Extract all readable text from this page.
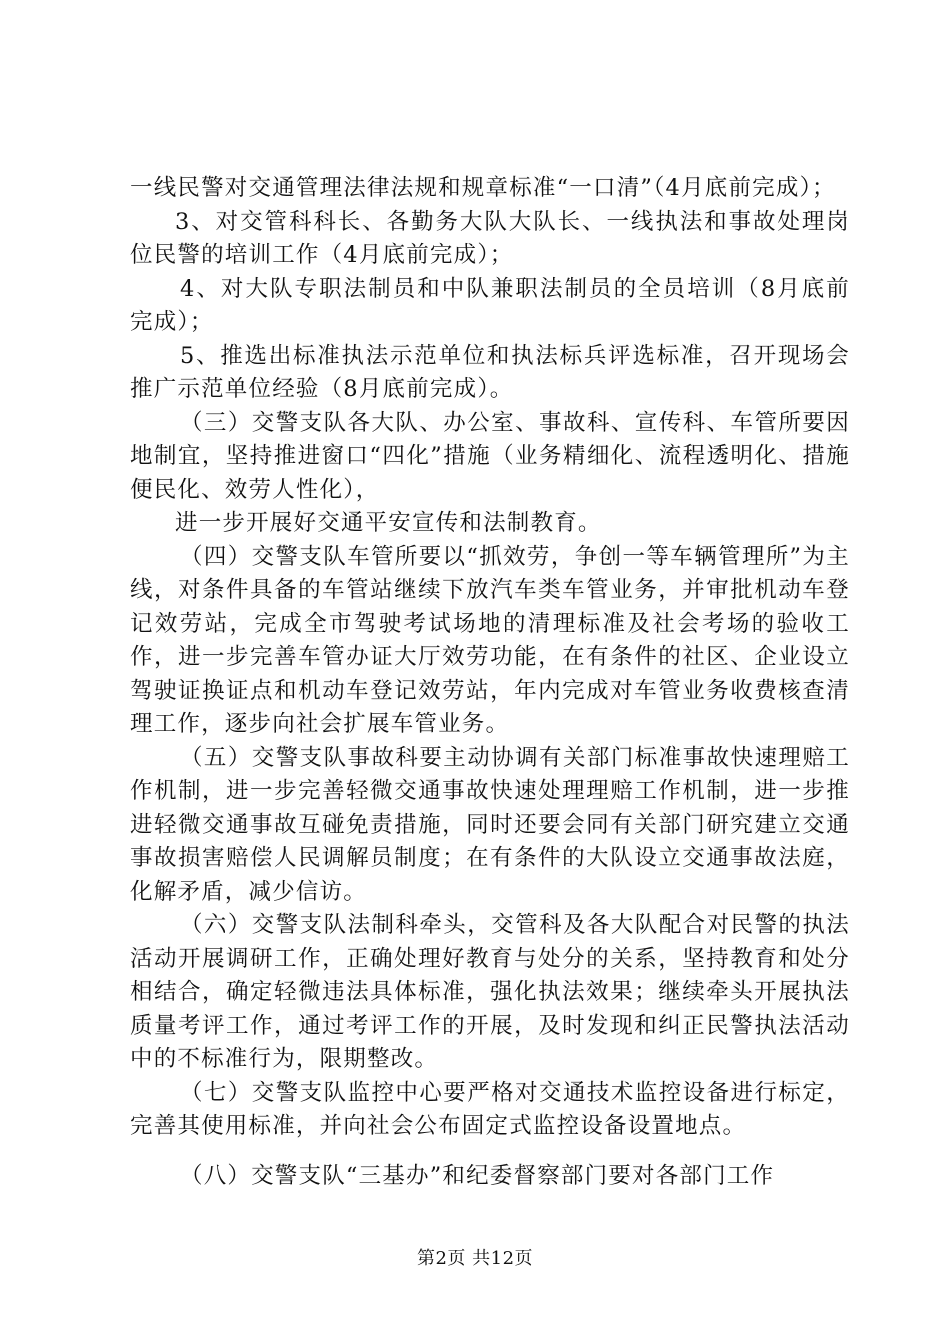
一线民警对交通管理法律法规和规章标准“一口清”（4月底前完成）；

3、对交管科科长、各勤务大队大队长、一线执法和事故处理岗位民警的培训工作（4月底前完成）；

4、对大队专职法制员和中队兼职法制员的全员培训（8月底前完成）；

5、推选出标准执法示范单位和执法标兵评选标准，召开现场会推广示范单位经验（8月底前完成）。

（三）交警支队各大队、办公室、事故科、宣传科、车管所要因地制宜，坚持推进窗口“四化”措施（业务精细化、流程透明化、措施便民化、效劳人性化），

进一步开展好交通平安宣传和法制教育。

（四）交警支队车管所要以“抓效劳，争创一等车辆管理所”为主线，对条件具备的车管站继续下放汽车类车管业务，并审批机动车登记效劳站，完成全市驾驶考试场地的清理标准及社会考场的验收工作，进一步完善车管办证大厅效劳功能，在有条件的社区、企业设立驾驶证换证点和机动车登记效劳站，年内完成对车管业务收费核查清理工作，逐步向社会扩展车管业务。

（五）交警支队事故科要主动协调有关部门标准事故快速理赔工作机制，进一步完善轻微交通事故快速处理理赔工作机制，进一步推进轻微交通事故互碰免责措施，同时还要会同有关部门研究建立交通事故损害赔偿人民调解员制度；在有条件的大队设立交通事故法庭，化解矛盾，减少信访。

（六）交警支队法制科牵头，交管科及各大队配合对民警的执法活动开展调研工作，正确处理好教育与处分的关系，坚持教育和处分相结合，确定轻微违法具体标准，强化执法效果；继续牵头开展执法质量考评工作，通过考评工作的开展，及时发现和纠正民警执法活动中的不标准行为，限期整改。

（七）交警支队监控中心要严格对交通技术监控设备进行标定，完善其使用标准，并向社会公布固定式监控设备设置地点。

（八）交警支队“三基办”和纪委督察部门要对各部门工作

第2页 共12页
